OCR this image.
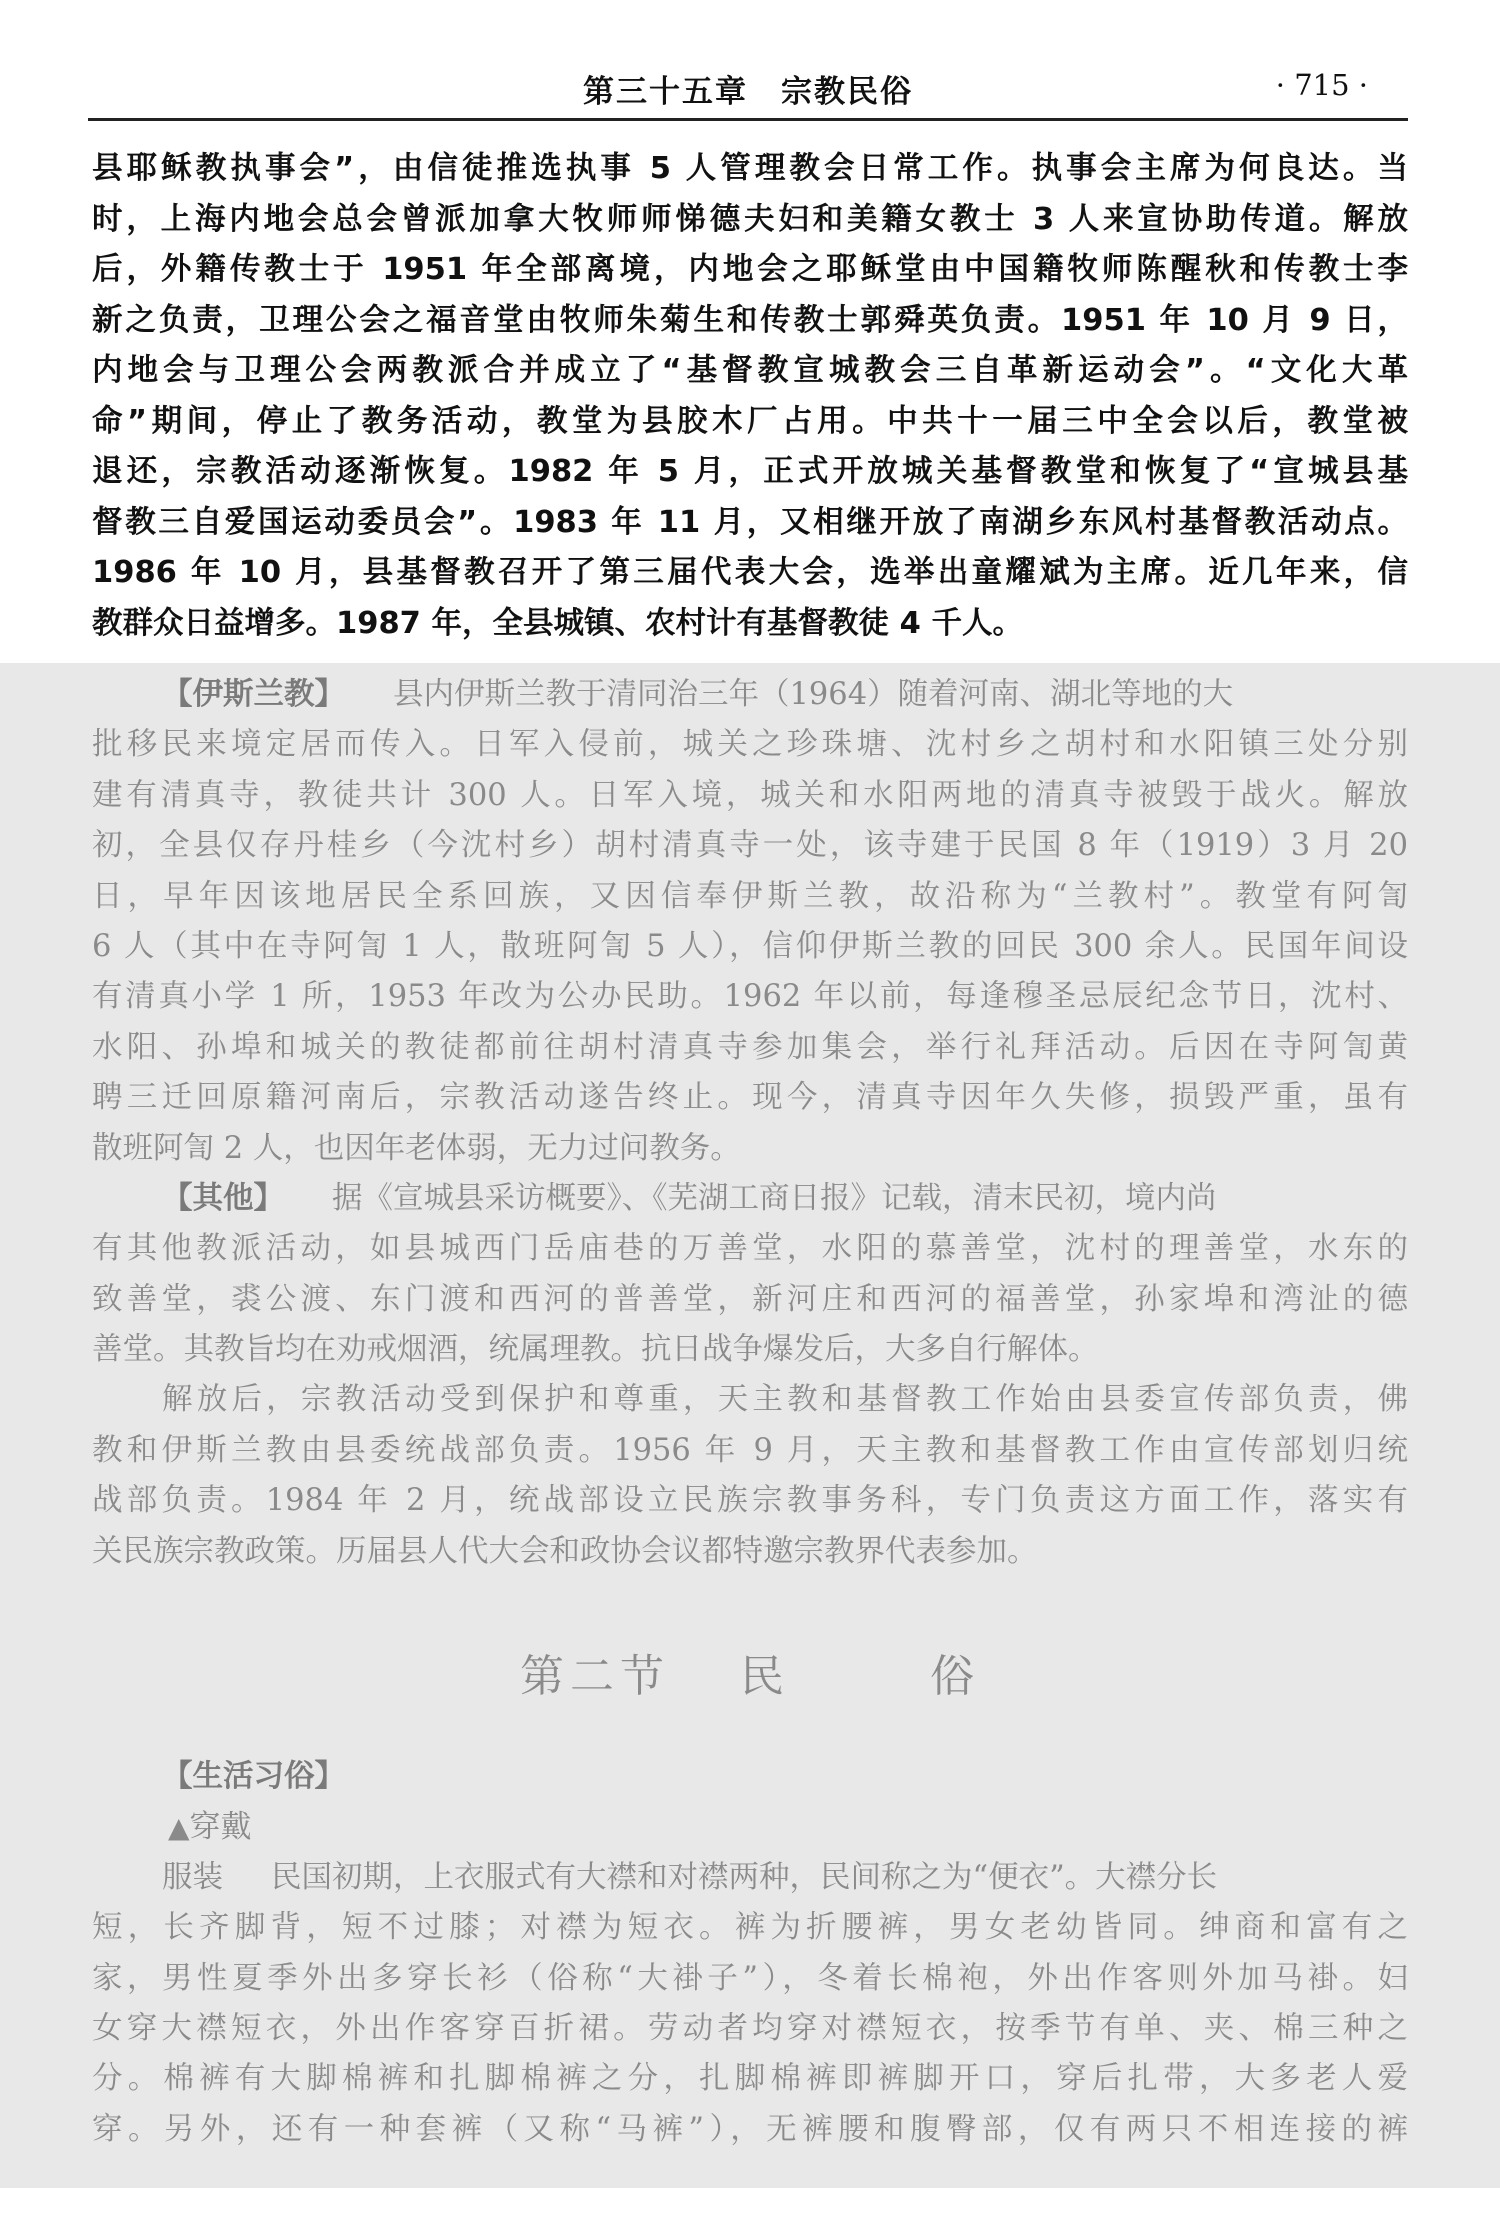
第三十五章　宗教民俗	· 715 ·
县耶稣教执事会”，由信徒推选执事 5 人管理教会日常工作。执事会主席为何良达。当
时，上海内地会总会曾派加拿大牧师师悌德夫妇和美籍女教士 3 人来宣协助传道。解放
后，外籍传教士于 1951 年全部离境，内地会之耶稣堂由中国籍牧师陈醒秋和传教士李
新之负责，卫理公会之福音堂由牧师朱菊生和传教士郭舜英负责。1951 年 10 月 9 日，
内地会与卫理公会两教派合并成立了“基督教宣城教会三自革新运动会”。“文化大革
命”期间，停止了教务活动，教堂为县胶木厂占用。中共十一届三中全会以后，教堂被
退还，宗教活动逐渐恢复。1982 年 5 月，正式开放城关基督教堂和恢复了“宣城县基
督教三自爱国运动委员会”。1983 年 11 月，又相继开放了南湖乡东风村基督教活动点。
1986 年 10 月，县基督教召开了第三届代表大会，选举出童耀斌为主席。近几年来，信
教群众日益增多。1987 年，全县城镇、农村计有基督教徒 4 千人。
【伊斯兰教】 县内伊斯兰教于清同治三年（1964）随着河南、湖北等地的大
批移民来境定居而传入。日军入侵前，城关之珍珠塘、沈村乡之胡村和水阳镇三处分别
建有清真寺，教徒共计 300 人。日军入境，城关和水阳两地的清真寺被毁于战火。解放
初，全县仅存丹桂乡（今沈村乡）胡村清真寺一处，该寺建于民国 8 年（1919）3 月 20
日，早年因该地居民全系回族，又因信奉伊斯兰教，故沿称为“兰教村”。教堂有阿訇
6 人（其中在寺阿訇 1 人，散班阿訇 5 人），信仰伊斯兰教的回民 300 余人。民国年间设
有清真小学 1 所，1953 年改为公办民助。1962 年以前，每逢穆圣忌辰纪念节日，沈村、
水阳、孙埠和城关的教徒都前往胡村清真寺参加集会，举行礼拜活动。后因在寺阿訇黄
聘三迁回原籍河南后，宗教活动遂告终止。现今，清真寺因年久失修，损毁严重，虽有
散班阿訇 2 人，也因年老体弱，无力过问教务。
【其他】 据《宣城县采访概要》、《芜湖工商日报》记载，清末民初，境内尚
有其他教派活动，如县城西门岳庙巷的万善堂，水阳的慕善堂，沈村的理善堂，水东的
致善堂，裘公渡、东门渡和西河的普善堂，新河庄和西河的福善堂，孙家埠和湾沚的德
善堂。其教旨均在劝戒烟酒，统属理教。抗日战争爆发后，大多自行解体。
解放后，宗教活动受到保护和尊重，天主教和基督教工作始由县委宣传部负责，佛
教和伊斯兰教由县委统战部负责。1956 年 9 月，天主教和基督教工作由宣传部划归统
战部负责。1984 年 2 月，统战部设立民族宗教事务科，专门负责这方面工作，落实有
关民族宗教政策。历届县人代大会和政协会议都特邀宗教界代表参加。
第二节 民	俗
【生活习俗】
▲穿戴
服装 民国初期，上衣服式有大襟和对襟两种，民间称之为“便衣”。大襟分长
短，长齐脚背，短不过膝；对襟为短衣。裤为折腰裤，男女老幼皆同。绅商和富有之
家，男性夏季外出多穿长衫（俗称“大褂子”），冬着长棉袍，外出作客则外加马褂。妇
女穿大襟短衣，外出作客穿百折裙。劳动者均穿对襟短衣，按季节有单、夹、棉三种之
分。棉裤有大脚棉裤和扎脚棉裤之分，扎脚棉裤即裤脚开口，穿后扎带，大多老人爱
穿。另外，还有一种套裤（又称“马裤”），无裤腰和腹臀部，仅有两只不相连接的裤
